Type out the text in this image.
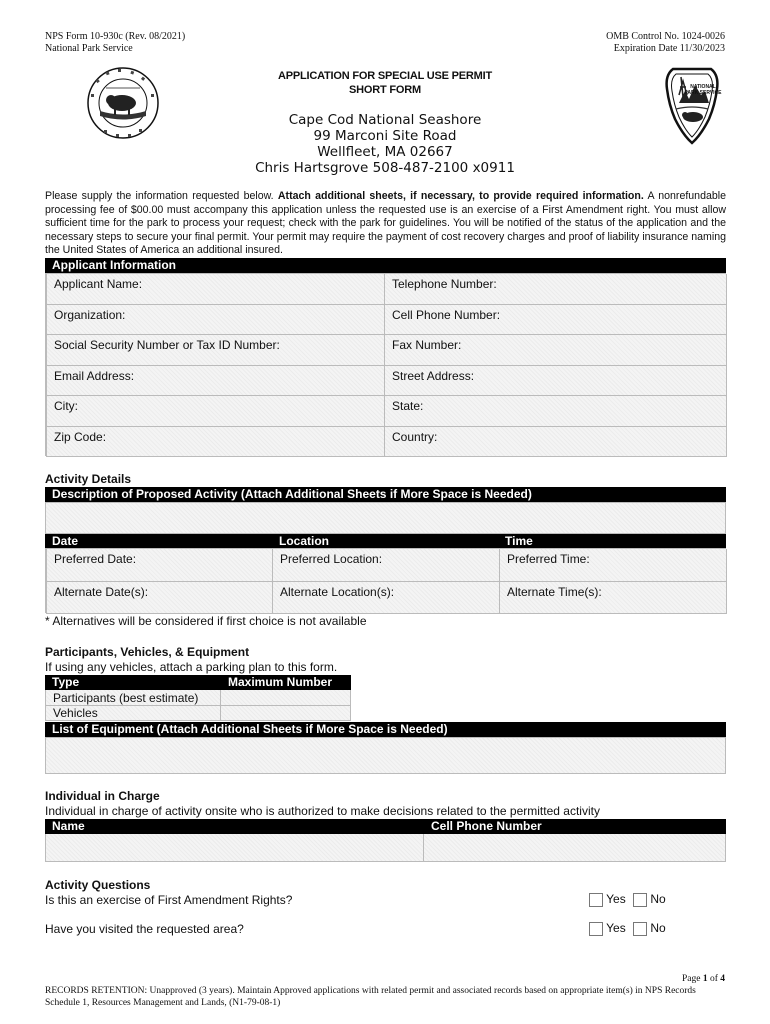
NPS Form 10-930c (Rev. 08/2021)
National Park Service
OMB Control No. 1024-0026
Expiration Date 11/30/2023
NATIONAL PARK SERVICE
APPLICATION FOR SPECIAL USE PERMIT
SHORT FORM
Cape Cod National Seashore
99 Marconi Site Road
Wellfleet, MA 02667
Chris Hartsgrove 508-487-2100 x0911
Please supply the information requested below. Attach additional sheets, if necessary, to provide required information. A nonrefundable processing fee of $00.00 must accompany this application unless the requested use is an exercise of a First Amendment right. You must allow sufficient time for the park to process your request; check with the park for guidelines. You will be notified of the status of the application and the necessary steps to secure your final permit. Your permit may require the payment of cost recovery charges and proof of liability insurance naming the United States of America an additional insured.
Applicant Information
Applicant Name:	Telephone Number:
Organization:	Cell Phone Number:
Social Security Number or Tax ID Number:	Fax Number:
Email Address:	Street Address:
City:	State:
Zip Code:	Country:
Activity Details
Description of Proposed Activity (Attach Additional Sheets if More Space is Needed)
Date	Location	Time
Preferred Date:	Preferred Location:	Preferred Time:
Alternate Date(s):	Alternate Location(s):	Alternate Time(s):
* Alternatives will be considered if first choice is not available
Participants, Vehicles, & Equipment
If using any vehicles, attach a parking plan to this form.
Type	Maximum Number
Participants (best estimate)
Vehicles
List of Equipment (Attach Additional Sheets if More Space is Needed)
Individual in Charge
Individual in charge of activity onsite who is authorized to make decisions related to the permitted activity
Name	Cell Phone Number
Activity Questions
Is this an exercise of First Amendment Rights?	Yes No
Have you visited the requested area?	Yes No
Page 1 of 4
RECORDS RETENTION: Unapproved (3 years). Maintain Approved applications with related permit and associated records based on appropriate item(s) in NPS Records Schedule 1, Resources Management and Lands, (N1-79-08-1)
